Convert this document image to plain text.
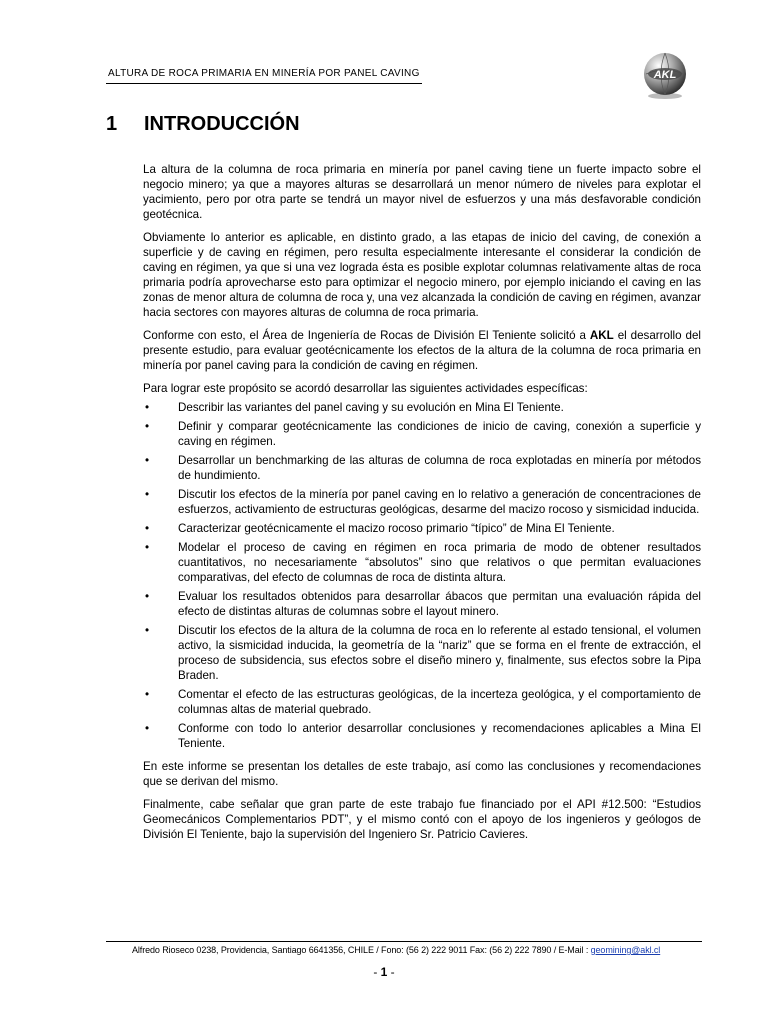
ALTURA DE ROCA PRIMARIA EN MINERÍA POR PANEL CAVING	AKL
1	INTRODUCCIÓN

La altura de la columna de roca primaria en minería por panel caving tiene un fuerte impacto sobre el negocio minero; ya que a mayores alturas se desarrollará un menor número de niveles para explotar el yacimiento, pero por otra parte se tendrá un mayor nivel de esfuerzos y una más desfavorable condición geotécnica.

Obviamente lo anterior es aplicable, en distinto grado, a las etapas de inicio del caving, de conexión a superficie y de caving en régimen, pero resulta especialmente interesante el considerar la condición de caving en régimen, ya que si una vez lograda ésta es posible explotar columnas relativamente altas de roca primaria podría aprovecharse esto para optimizar el negocio minero, por ejemplo iniciando el caving en las zonas de menor altura de columna de roca y, una vez alcanzada la condición de caving en régimen, avanzar hacia sectores con mayores alturas de columna de roca primaria.

Conforme con esto, el Área de Ingeniería de Rocas de División El Teniente solicitó a AKL el desarrollo del presente estudio, para evaluar geotécnicamente los efectos de la altura de la columna de roca primaria en minería por panel caving para la condición de caving en régimen.

Para lograr este propósito se acordó desarrollar las siguientes actividades específicas:

• Describir las variantes del panel caving y su evolución en Mina El Teniente.
• Definir y comparar geotécnicamente las condiciones de inicio de caving, conexión a superficie y caving en régimen.
• Desarrollar un benchmarking de las alturas de columna de roca explotadas en minería por métodos de hundimiento.
• Discutir los efectos de la minería por panel caving en lo relativo a generación de concentraciones de esfuerzos, activamiento de estructuras geológicas, desarme del macizo rocoso y sismicidad inducida.
• Caracterizar geotécnicamente el macizo rocoso primario “típico” de Mina El Teniente.
• Modelar el proceso de caving en régimen en roca primaria de modo de obtener resultados cuantitativos, no necesariamente “absolutos” sino que relativos o que permitan evaluaciones comparativas, del efecto de columnas de roca de distinta altura.
• Evaluar los resultados obtenidos para desarrollar ábacos que permitan una evaluación rápida del efecto de distintas alturas de columnas sobre el layout minero.
• Discutir los efectos de la altura de la columna de roca en lo referente al estado tensional, el volumen activo, la sismicidad inducida, la geometría de la “nariz” que se forma en el frente de extracción, el proceso de subsidencia, sus efectos sobre el diseño minero y, finalmente, sus efectos sobre la Pipa Braden.
• Comentar el efecto de las estructuras geológicas, de la incerteza geológica, y el comportamiento de columnas altas de material quebrado.
• Conforme con todo lo anterior desarrollar conclusiones y recomendaciones aplicables a Mina El Teniente.

En este informe se presentan los detalles de este trabajo, así como las conclusiones y recomendaciones que se derivan del mismo.

Finalmente, cabe señalar que gran parte de este trabajo fue financiado por el API #12.500: “Estudios Geomecánicos Complementarios PDT”, y el mismo contó con el apoyo de los ingenieros y geólogos de División El Teniente, bajo la supervisión del Ingeniero Sr. Patricio Cavieres.

Alfredo Rioseco 0238, Providencia, Santiago 6641356, CHILE / Fono: (56 2) 222 9011 Fax: (56 2) 222 7890 / E-Mail : geomining@akl.cl
- 1 -
